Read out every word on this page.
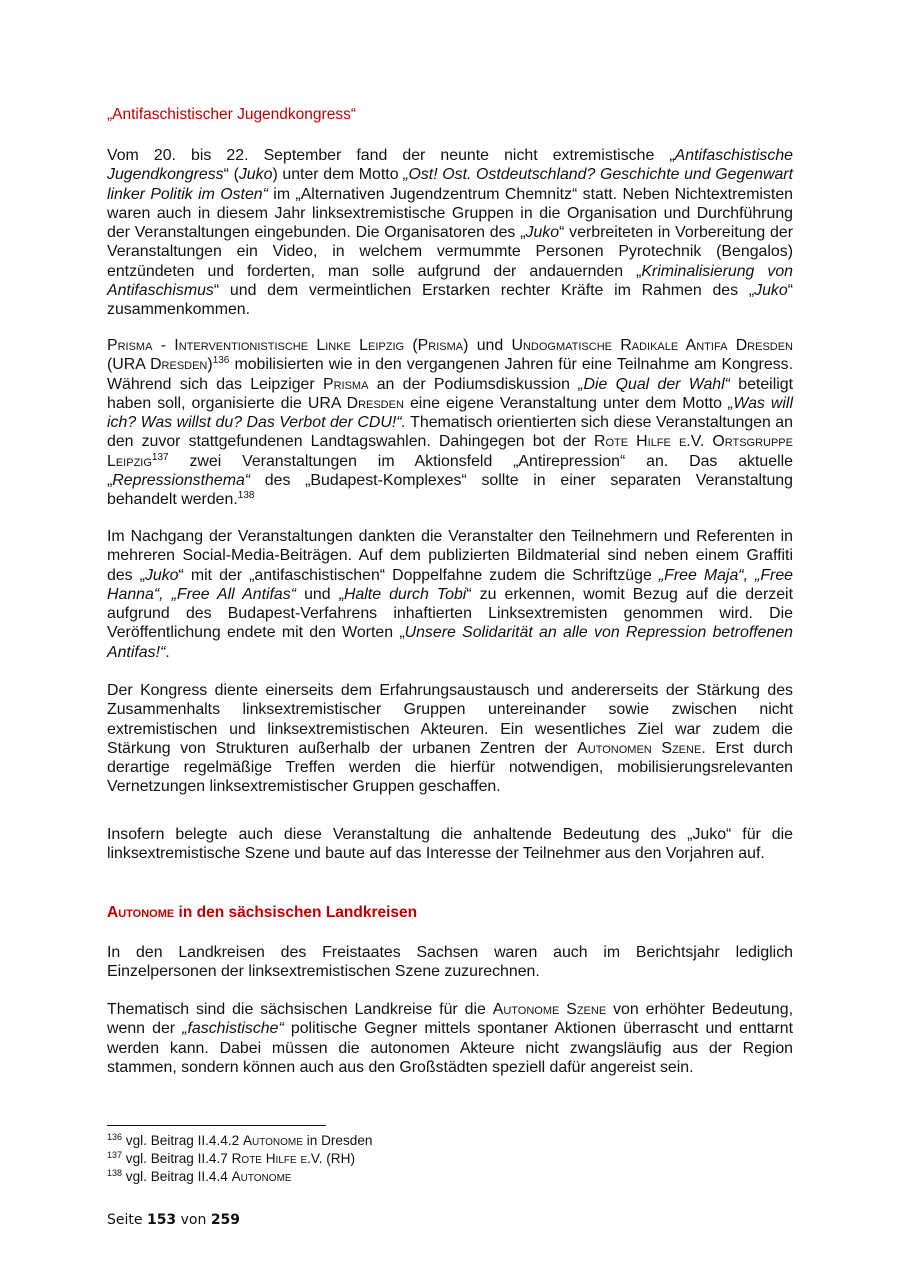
„Antifaschistischer Jugendkongress“

Vom 20. bis 22. September fand der neunte nicht extremistische „Antifaschistische Jugendkongress“ (Juko) unter dem Motto „Ost! Ost. Ostdeutschland? Geschichte und Gegenwart linker Politik im Osten“ im „Alternativen Jugendzentrum Chemnitz“ statt. Neben Nichtextremisten waren auch in diesem Jahr linksextremistische Gruppen in die Organisation und Durchführung der Veranstaltungen eingebunden. Die Organisatoren des „Juko“ verbreiteten in Vorbereitung der Veranstaltungen ein Video, in welchem vermummte Personen Pyrotechnik (Bengalos) entzündeten und forderten, man solle aufgrund der andauernden „Kriminalisierung von Antifaschismus“ und dem vermeintlichen Erstarken rechter Kräfte im Rahmen des „Juko“ zusammenkommen.

Prisma - Interventionistische Linke Leipzig (Prisma) und Undogmatische Radikale Antifa Dresden (URA Dresden)$^{136}$ mobilisierten wie in den vergangenen Jahren für eine Teilnahme am Kongress. Während sich das Leipziger Prisma an der Podiumsdiskussion „Die Qual der Wahl“ beteiligt haben soll, organisierte die URA Dresden eine eigene Veranstaltung unter dem Motto „Was will ich? Was willst du? Das Verbot der CDU!“. Thematisch orientierten sich diese Veranstaltungen an den zuvor stattgefundenen Landtagswahlen. Dahingegen bot der Rote Hilfe e.V. Ortsgruppe Leipzig$^{137}$ zwei Veranstaltungen im Aktionsfeld „Antirepression“ an. Das aktuelle „Repressionsthema“ des „Budapest-Komplexes“ sollte in einer separaten Veranstaltung behandelt werden.$^{138}$

Im Nachgang der Veranstaltungen dankten die Veranstalter den Teilnehmern und Referenten in mehreren Social-Media-Beiträgen. Auf dem publizierten Bildmaterial sind neben einem Graffiti des „Juko“ mit der „antifaschistischen“ Doppelfahne zudem die Schriftzüge „Free Maja“, „Free Hanna“, „Free All Antifas“ und „Halte durch Tobi“ zu erkennen, womit Bezug auf die derzeit aufgrund des Budapest-Verfahrens inhaftierten Linksextremisten genommen wird. Die Veröffentlichung endete mit den Worten „Unsere Solidarität an alle von Repression betroffenen Antifas!“.

Der Kongress diente einerseits dem Erfahrungsaustausch und andererseits der Stärkung des Zusammenhalts linksextremistischer Gruppen untereinander sowie zwischen nicht extremistischen und linksextremistischen Akteuren. Ein wesentliches Ziel war zudem die Stärkung von Strukturen außerhalb der urbanen Zentren der Autonomen Szene. Erst durch derartige regelmäßige Treffen werden die hierfür notwendigen, mobilisierungsrelevanten Vernetzungen linksextremistischer Gruppen geschaffen.

Insofern belegte auch diese Veranstaltung die anhaltende Bedeutung des „Juko“ für die linksextremistische Szene und baute auf das Interesse der Teilnehmer aus den Vorjahren auf.

Autonome in den sächsischen Landkreisen

In den Landkreisen des Freistaates Sachsen waren auch im Berichtsjahr lediglich Einzelpersonen der linksextremistischen Szene zuzurechnen.

Thematisch sind die sächsischen Landkreise für die Autonome Szene von erhöhter Bedeutung, wenn der „faschistische“ politische Gegner mittels spontaner Aktionen überrascht und enttarnt werden kann. Dabei müssen die autonomen Akteure nicht zwangsläufig aus der Region stammen, sondern können auch aus den Großstädten speziell dafür angereist sein.

$^{136}$ vgl. Beitrag II.4.4.2 Autonome in Dresden
$^{137}$ vgl. Beitrag II.4.7 Rote Hilfe e.V. (RH)
$^{138}$ vgl. Beitrag II.4.4 Autonome
Seite 153 von 259
